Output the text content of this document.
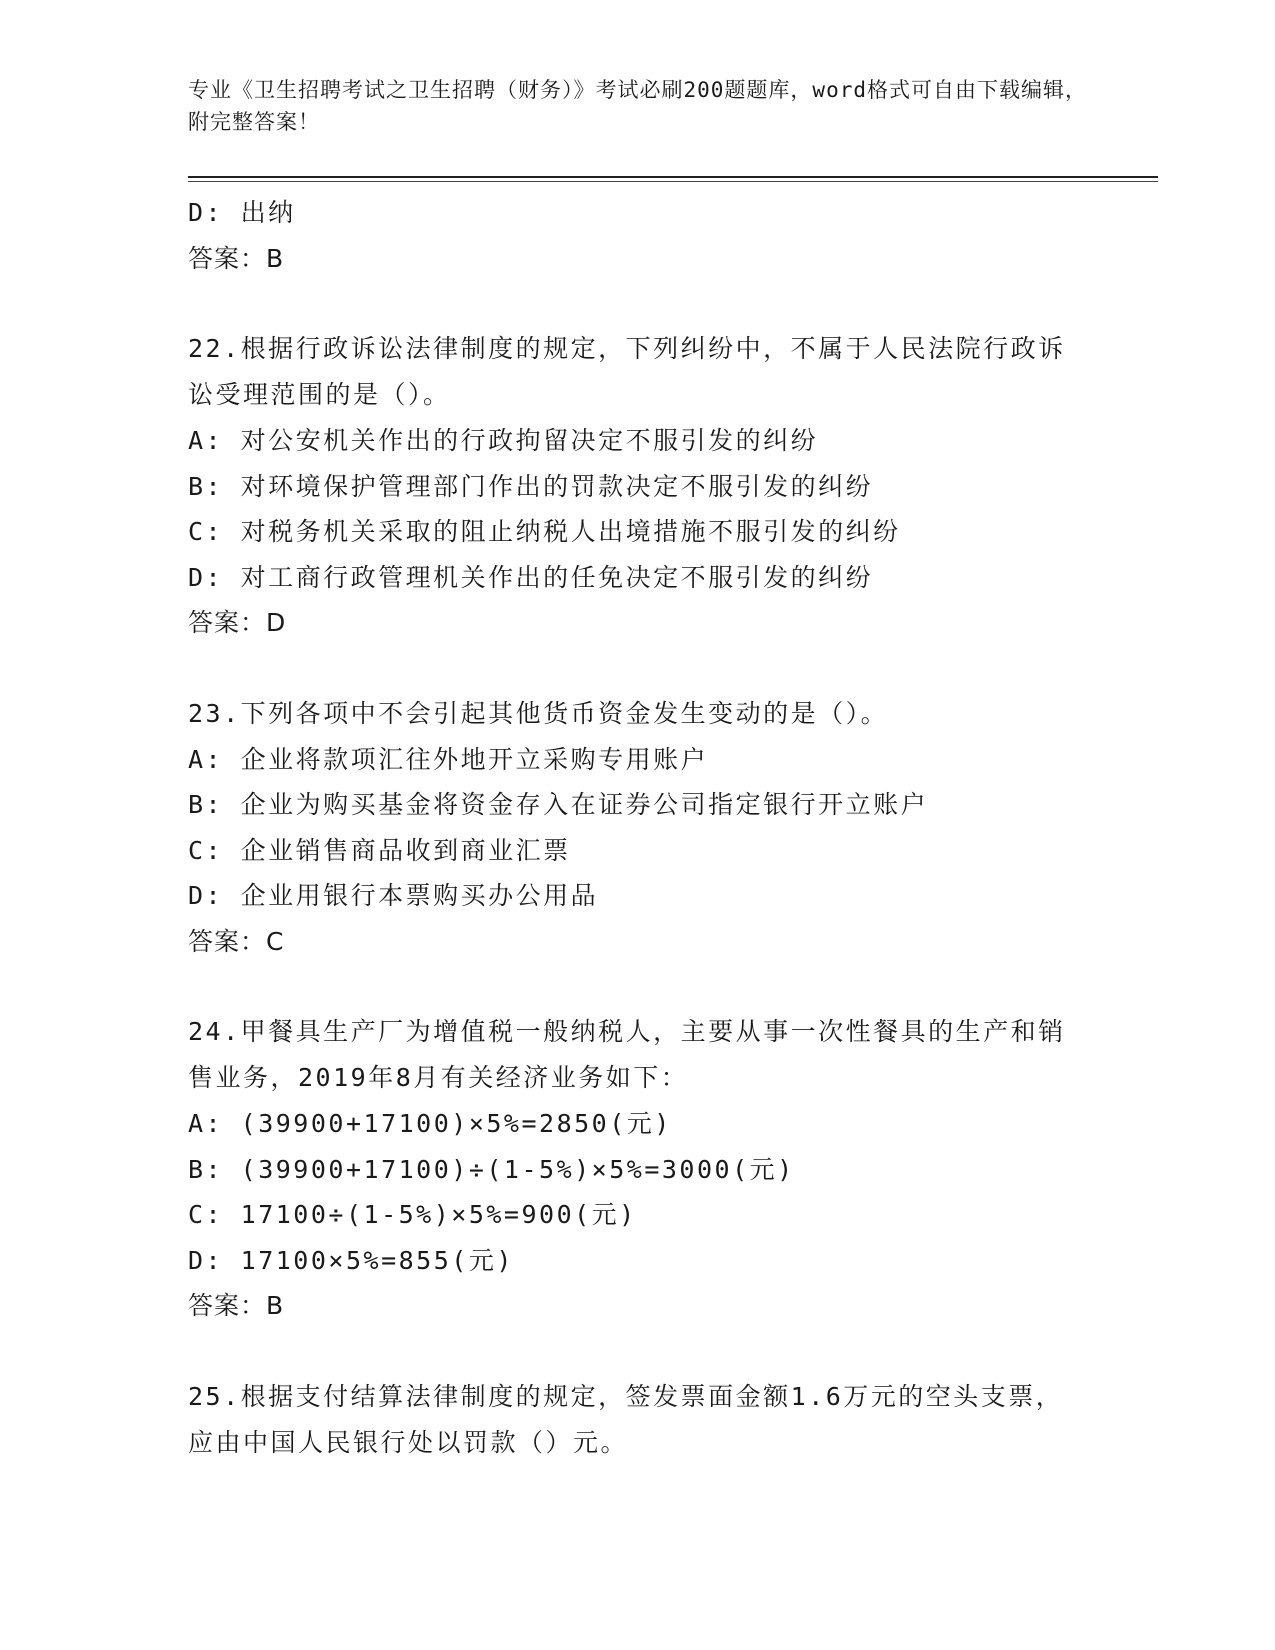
专业《卫生招聘考试之卫生招聘（财务）》考试必刷200题题库，word格式可自由下载编辑，附完整答案！
D: 出纳
答案：B
22.根据行政诉讼法律制度的规定，下列纠纷中，不属于人民法院行政诉讼受理范围的是（）。
A: 对公安机关作出的行政拘留决定不服引发的纠纷
B: 对环境保护管理部门作出的罚款决定不服引发的纠纷
C: 对税务机关采取的阻止纳税人出境措施不服引发的纠纷
D: 对工商行政管理机关作出的任免决定不服引发的纠纷
答案：D
23.下列各项中不会引起其他货币资金发生变动的是（）。
A: 企业将款项汇往外地开立采购专用账户
B: 企业为购买基金将资金存入在证券公司指定银行开立账户
C: 企业销售商品收到商业汇票
D: 企业用银行本票购买办公用品
答案：C
24.甲餐具生产厂为增值税一般纳税人，主要从事一次性餐具的生产和销售业务，2019年8月有关经济业务如下：
A: (39900+17100)×5%=2850(元)
B: (39900+17100)÷(1-5%)×5%=3000(元)
C: 17100÷(1-5%)×5%=900(元)
D: 17100×5%=855(元)
答案：B
25.根据支付结算法律制度的规定，签发票面金额1.6万元的空头支票，应由中国人民银行处以罚款（）元。
